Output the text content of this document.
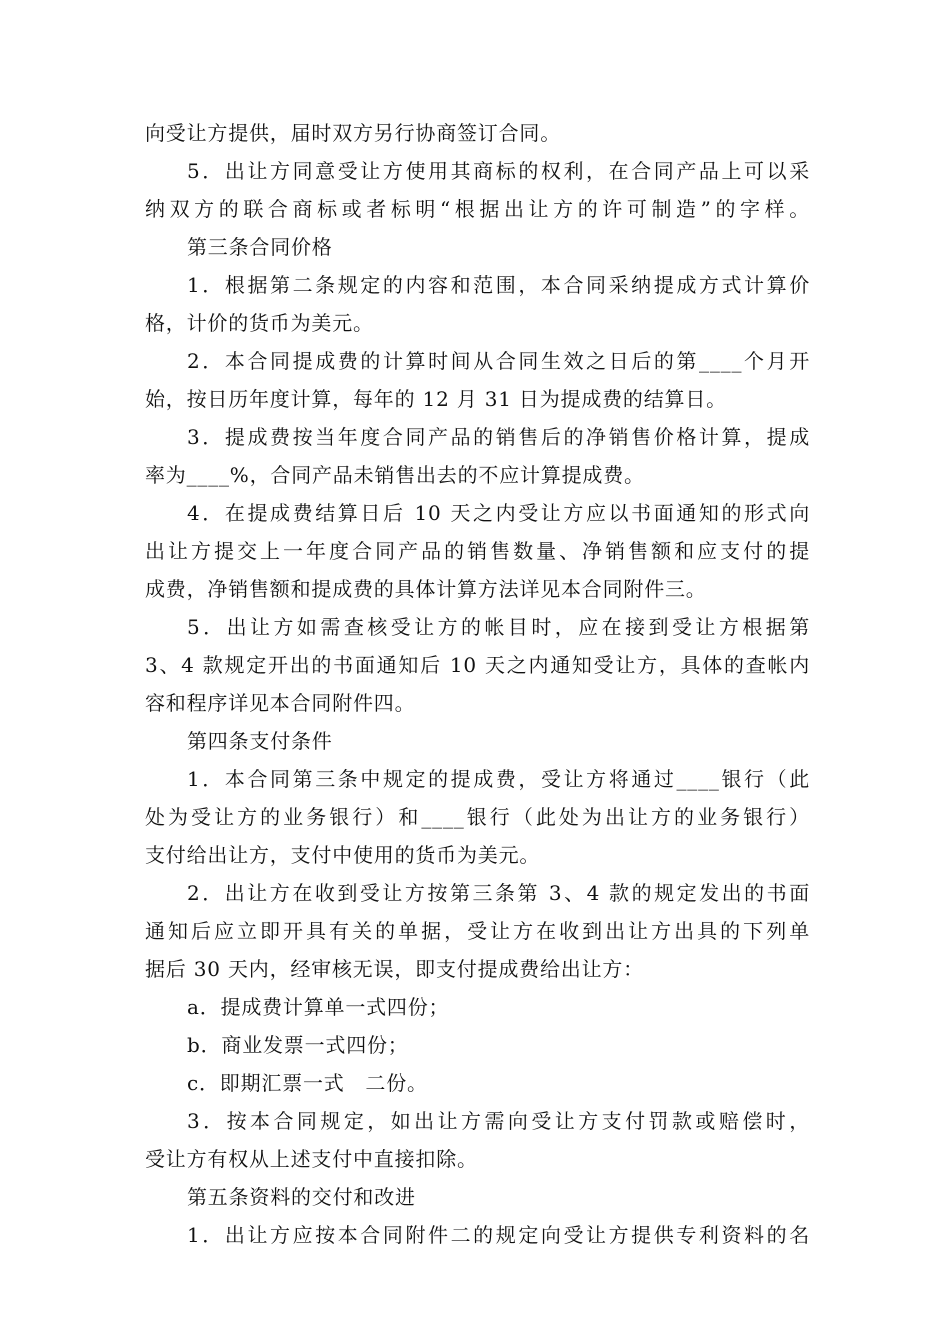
向受让方提供，届时双方另行协商签订合同。
5．出让方同意受让方使用其商标的权利，在合同产品上可以采
纳双方的联合商标或者标明“根据出让方的许可制造”的字样。
第三条合同价格
1．根据第二条规定的内容和范围，本合同采纳提成方式计算价
格，计价的货币为美元。
2．本合同提成费的计算时间从合同生效之日后的第____个月开
始，按日历年度计算，每年的 12 月 31 日为提成费的结算日。
3．提成费按当年度合同产品的销售后的净销售价格计算，提成
率为____%，合同产品未销售出去的不应计算提成费。
4．在提成费结算日后 10 天之内受让方应以书面通知的形式向
出让方提交上一年度合同产品的销售数量、净销售额和应支付的提
成费，净销售额和提成费的具体计算方法详见本合同附件三。
5．出让方如需查核受让方的帐目时，应在接到受让方根据第
3、4 款规定开出的书面通知后 10 天之内通知受让方，具体的查帐内
容和程序详见本合同附件四。
第四条支付条件
1．本合同第三条中规定的提成费，受让方将通过____银行（此
处为受让方的业务银行）和____银行（此处为出让方的业务银行）
支付给出让方，支付中使用的货币为美元。
2．出让方在收到受让方按第三条第 3、4 款的规定发出的书面
通知后应立即开具有关的单据，受让方在收到出让方出具的下列单
据后 30 天内，经审核无误，即支付提成费给出让方：
a．提成费计算单一式四份；
b．商业发票一式四份；
c．即期汇票一式　二份。
3．按本合同规定，如出让方需向受让方支付罚款或赔偿时，
受让方有权从上述支付中直接扣除。
第五条资料的交付和改进
1．出让方应按本合同附件二的规定向受让方提供专利资料的名
